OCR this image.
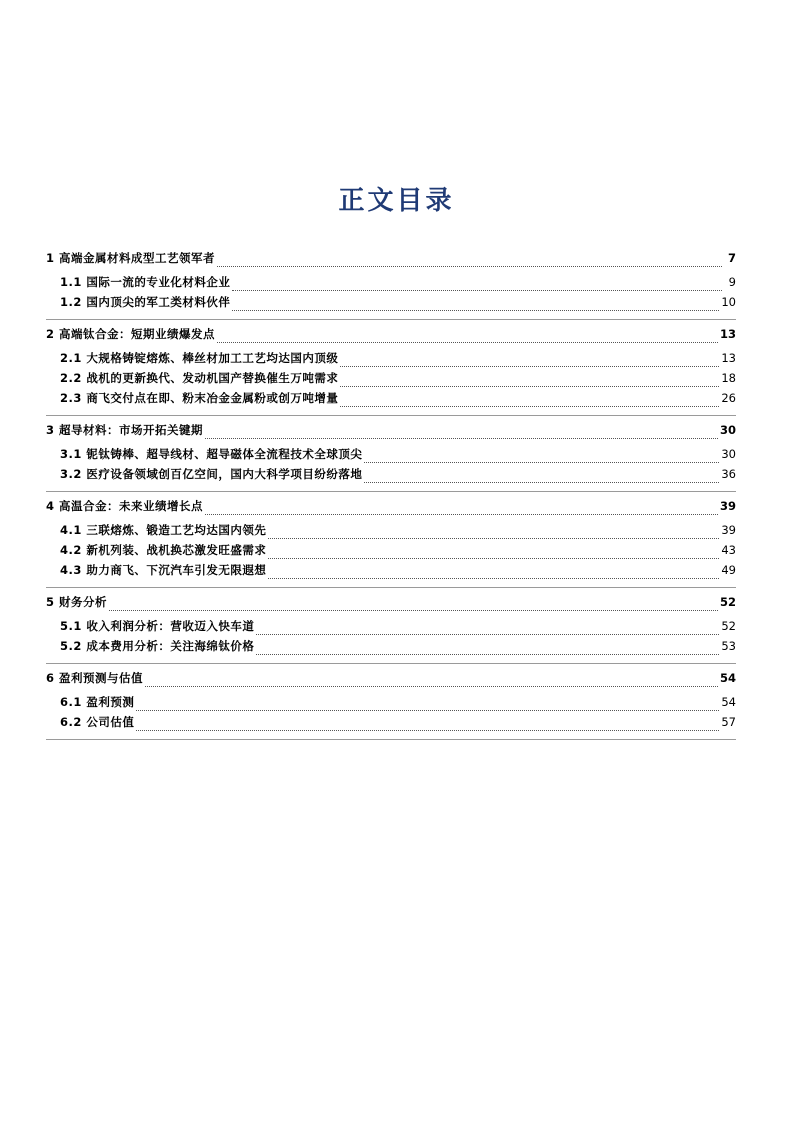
正文目录
1 高端金属材料成型工艺领军者	7
1.1 国际一流的专业化材料企业	9
1.2 国内顶尖的军工类材料伙伴	10
2 高端钛合金：短期业绩爆发点	13
2.1 大规格铸锭熔炼、棒丝材加工工艺均达国内顶级	13
2.2 战机的更新换代、发动机国产替换催生万吨需求	18
2.3 商飞交付点在即、粉末冶金金属粉或创万吨增量	26
3 超导材料：市场开拓关键期	30
3.1 铌钛铸棒、超导线材、超导磁体全流程技术全球顶尖	30
3.2 医疗设备领域创百亿空间，国内大科学项目纷纷落地	36
4 高温合金：未来业绩增长点	39
4.1 三联熔炼、锻造工艺均达国内领先	39
4.2 新机列装、战机换芯激发旺盛需求	43
4.3 助力商飞、下沉汽车引发无限遐想	49
5 财务分析	52
5.1 收入利润分析：营收迈入快车道	52
5.2 成本费用分析：关注海绵钛价格	53
6 盈利预测与估值	54
6.1 盈利预测	54
6.2 公司估值	57
